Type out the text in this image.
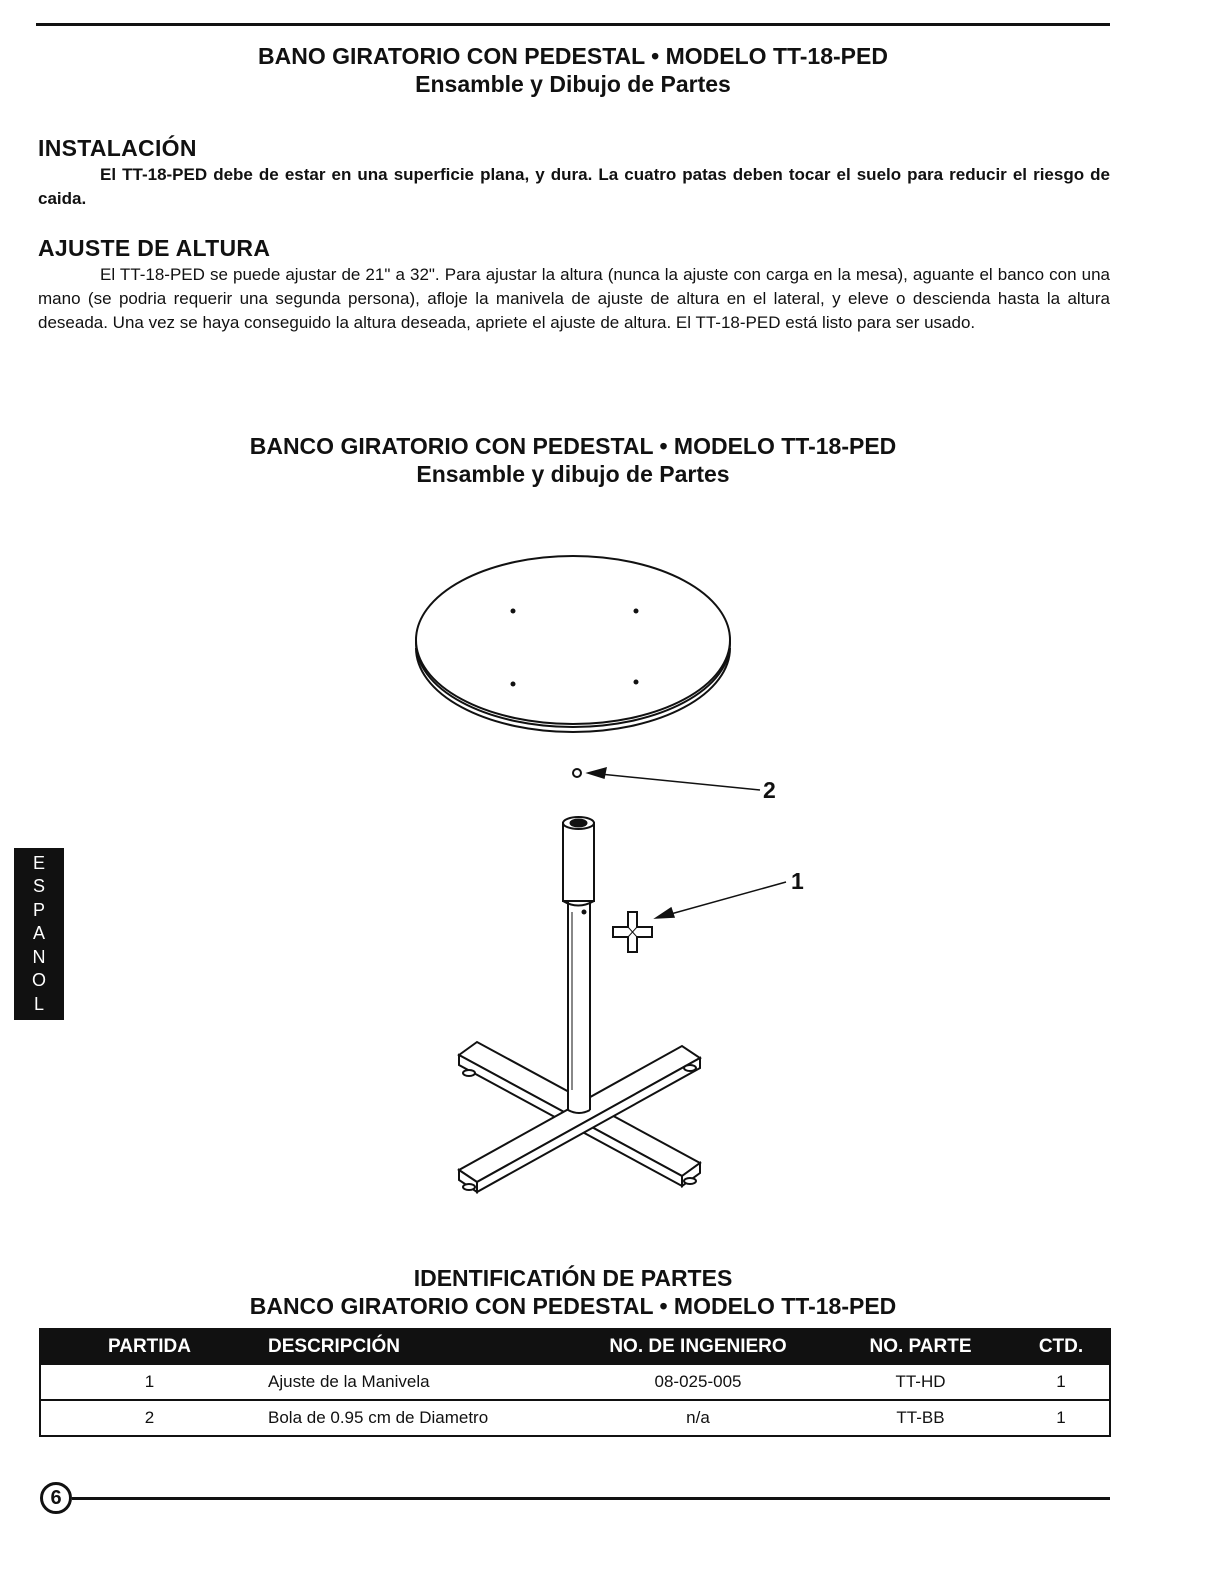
BANO GIRATORIO CON PEDESTAL • MODELO TT-18-PED
Ensamble y Dibujo de Partes
INSTALACIÓN
El TT-18-PED debe de estar en una superficie plana, y dura. La cuatro patas deben tocar el suelo para reducir el riesgo de caida.
AJUSTE DE ALTURA
El TT-18-PED se puede ajustar de 21" a 32". Para ajustar la altura (nunca la ajuste con carga en la mesa), aguante el banco con una mano (se podria requerir una segunda persona), afloje la manivela de ajuste de altura en el lateral, y eleve o descienda hasta la altura deseada. Una vez se haya conseguido la altura deseada, apriete el ajuste de altura. El TT-18-PED está listo para ser usado.
BANCO GIRATORIO CON PEDESTAL • MODELO TT-18-PED
Ensamble y dibujo de Partes
E
S
P
A
N
O
L
2
1
IDENTIFICATIÓN DE PARTES
BANCO GIRATORIO CON PEDESTAL • MODELO TT-18-PED
PARTIDA	DESCRIPCIÓN	NO. DE INGENIERO	NO. PARTE	CTD.
1	Ajuste de la Manivela	08-025-005	TT-HD	1
2	Bola de 0.95 cm de Diametro	n/a	TT-BB	1
6
